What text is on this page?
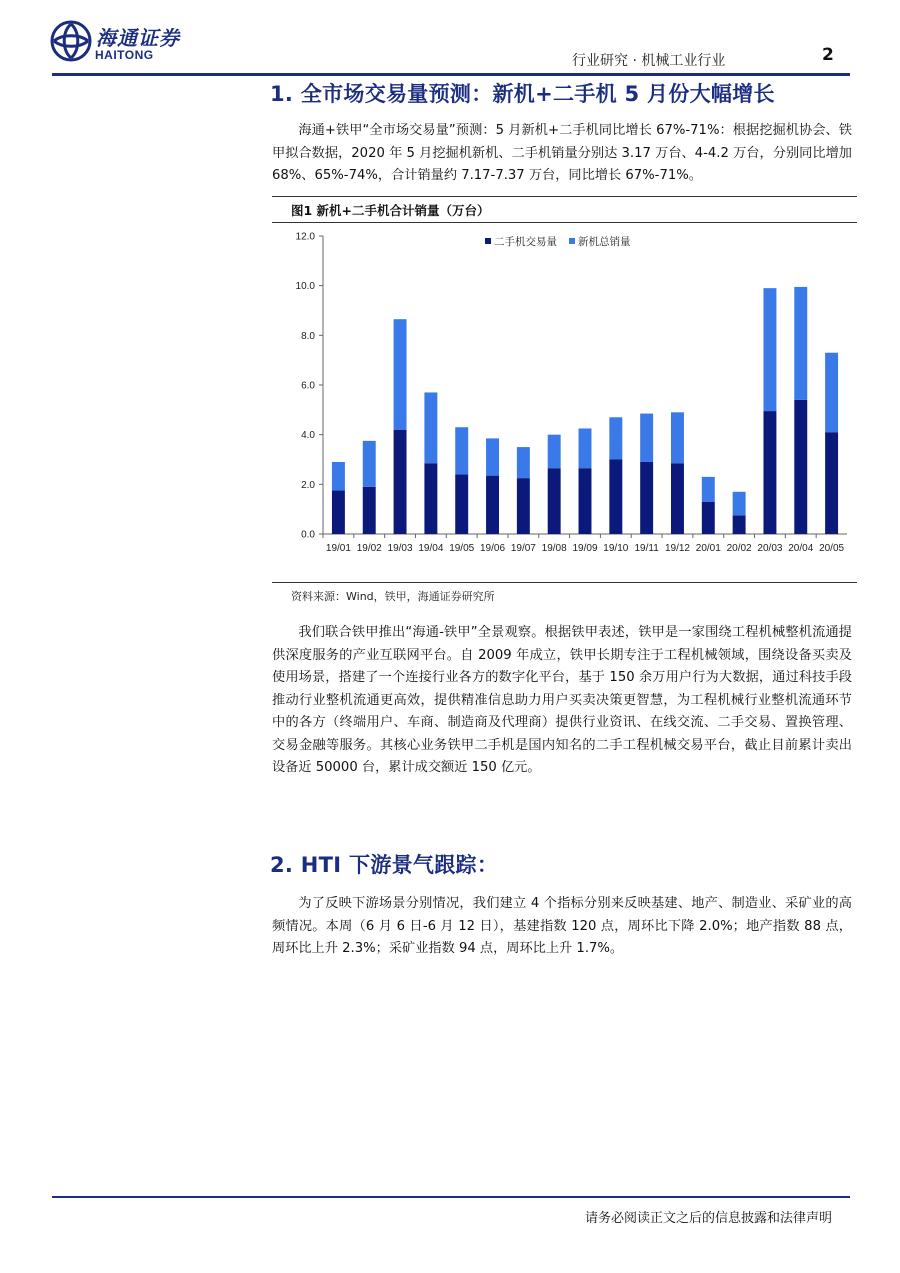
海通证券
HAITONG	行业研究 · 机械工业行业	2
1. 全市场交易量预测：新机+二手机 5 月份大幅增长
海通+铁甲“全市场交易量”预测：5 月新机+二手机同比增长 67%-71%：根据挖掘机协会、铁甲拟合数据，2020 年 5 月挖掘机新机、二手机销量分别达 3.17 万台、4-4.2 万台，分别同比增加 68%、65%-74%，合计销量约 7.17-7.37 万台，同比增长 67%-71%。
图1 新机+二手机合计销量（万台）
0.0
2.0
4.0
6.0
8.0
10.0
12.0
19/01 19/02 19/03 19/04 19/05 19/06 19/07 19/08 19/09 19/10 19/11 19/12 20/01 20/02 20/03 20/04 20/05
二手机交易量 新机总销量
资料来源：Wind，铁甲，海通证券研究所
我们联合铁甲推出“海通-铁甲”全景观察。根据铁甲表述，铁甲是一家围绕工程机械整机流通提供深度服务的产业互联网平台。自 2009 年成立，铁甲长期专注于工程机械领域，围绕设备买卖及使用场景，搭建了一个连接行业各方的数字化平台，基于 150 余万用户行为大数据，通过科技手段推动行业整机流通更高效，提供精准信息助力用户买卖决策更智慧，为工程机械行业整机流通环节中的各方（终端用户、车商、制造商及代理商）提供行业资讯、在线交流、二手交易、置换管理、交易金融等服务。其核心业务铁甲二手机是国内知名的二手工程机械交易平台，截止目前累计卖出设备近 50000 台，累计成交额近 150 亿元。
2. HTI 下游景气跟踪：
为了反映下游场景分别情况，我们建立 4 个指标分别来反映基建、地产、制造业、采矿业的高频情况。本周（6 月 6 日-6 月 12 日），基建指数 120 点，周环比下降 2.0%；地产指数 88 点，周环比上升 2.3%；采矿业指数 94 点，周环比上升 1.7%。
请务必阅读正文之后的信息披露和法律声明
